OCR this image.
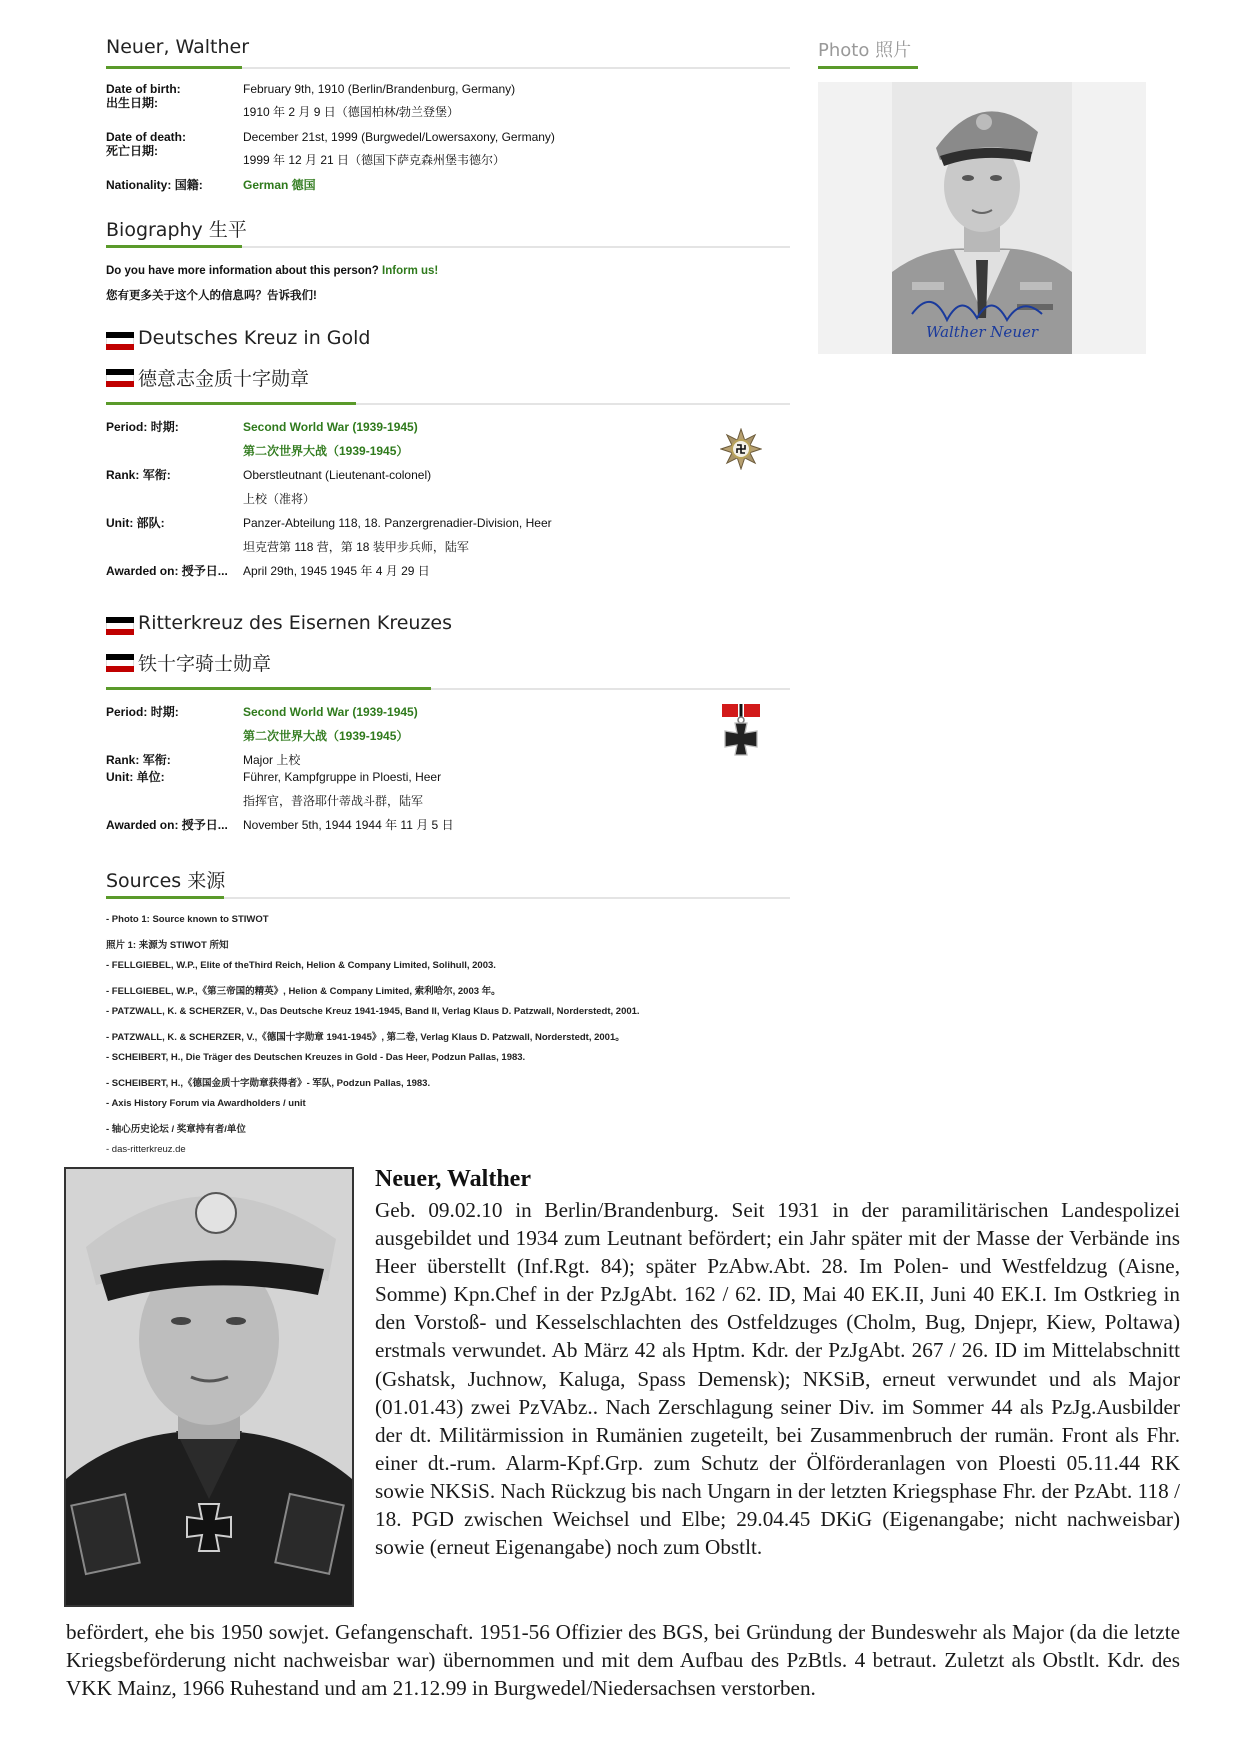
Neuer, Walther
Date of birth:
出生日期:
February 9th, 1910 (Berlin/Brandenburg, Germany)
1910 年 2 月 9 日（德国柏林/勃兰登堡）
Date of death:
死亡日期:
December 21st, 1999 (Burgwedel/Lowersaxony, Germany)
1999 年 12 月 21 日（德国下萨克森州堡韦德尔）
Nationality: 国籍:	German 德国
Biography 生平
Do you have more information about this person? Inform us!
您有更多关于这个人的信息吗？告诉我们!
Deutsches Kreuz in Gold
德意志金质十字勋章
Period: 时期:	Second World War (1939-1945)
第二次世界大战（1939-1945）
Rank: 军衔:	Oberstleutnant (Lieutenant-colonel)
上校（准将）
Unit: 部队:	Panzer-Abteilung 118, 18. Panzergrenadier-Division, Heer
坦克营第 118 营，第 18 装甲步兵师，陆军
Awarded on: 授予日... April 29th, 1945 1945 年 4 月 29 日
Ritterkreuz des Eisernen Kreuzes
铁十字骑士勋章
Period: 时期:	Second World War (1939-1945)
第二次世界大战（1939-1945）
Rank: 军衔:	Major 上校
Unit: 单位:	Führer, Kampfgruppe in Ploesti, Heer
指挥官，普洛耶什蒂战斗群，陆军
Awarded on: 授予日... November 5th, 1944 1944 年 11 月 5 日
Sources 来源
- Photo 1: Source known to STIWOT
照片 1: 来源为 STIWOT 所知
- FELLGIEBEL, W.P., Elite of theThird Reich, Helion & Company Limited, Solihull, 2003.
- FELLGIEBEL, W.P.,《第三帝国的精英》, Helion & Company Limited, 索利哈尔, 2003 年。
- PATZWALL, K. & SCHERZER, V., Das Deutsche Kreuz 1941-1945, Band II, Verlag Klaus D. Patzwall, Norderstedt, 2001.
- PATZWALL, K. & SCHERZER, V.,《德国十字勋章 1941-1945》, 第二卷, Verlag Klaus D. Patzwall, Norderstedt, 2001。
- SCHEIBERT, H., Die Träger des Deutschen Kreuzes in Gold - Das Heer, Podzun Pallas, 1983.
- SCHEIBERT, H.,《德国金质十字勋章获得者》- 军队, Podzun Pallas, 1983.
- Axis History Forum via Awardholders / unit
- 轴心历史论坛 / 奖章持有者/单位
- das-ritterkreuz.de
Photo 照片
Walther Neuer
Neuer, Walther

Geb. 09.02.10 in Berlin/Brandenburg. Seit 1931 in der paramilitärischen Landespolizei ausgebildet und 1934 zum Leutnant befördert; ein Jahr später mit der Masse der Verbände ins Heer überstellt (Inf.Rgt. 84); später PzAbw.Abt. 28. Im Polen- und Westfeldzug (Aisne, Somme) Kpn.Chef in der PzJgAbt. 162 / 62. ID, Mai 40 EK.II, Juni 40 EK.I. Im Ostkrieg in den Vorstoß- und Kesselschlachten des Ostfeldzuges (Cholm, Bug, Dnjepr, Kiew, Poltawa) erstmals verwundet. Ab März 42 als Hptm. Kdr. der PzJgAbt. 267 / 26. ID im Mittelabschnitt (Gshatsk, Juchnow, Kaluga, Spass Demensk); NKSiB, erneut verwundet und als Major (01.01.43) zwei PzVAbz.. Nach Zerschlagung seiner Div. im Sommer 44 als PzJg.Ausbilder der dt. Militärmission in Rumänien zugeteilt, bei Zusammenbruch der rumän. Front als Fhr. einer dt.-rum. Alarm-Kpf.Grp. zum Schutz der Ölförderanlagen von Ploesti 05.11.44 RK sowie NKSiS. Nach Rückzug bis nach Ungarn in der letzten Kriegsphase Fhr. der PzAbt. 118 / 18. PGD zwischen Weichsel und Elbe; 29.04.45 DKiG (Eigenangabe; nicht nachweisbar) sowie (erneut Eigenangabe) noch zum Obstlt.

befördert, ehe bis 1950 sowjet. Gefangenschaft. 1951-56 Offizier des BGS, bei Gründung der Bundeswehr als Major (da die letzte Kriegsbeförderung nicht nachweisbar war) übernommen und mit dem Aufbau des PzBtls. 4 betraut. Zuletzt als Obstlt. Kdr. des VKK Mainz, 1966 Ruhestand und am 21.12.99 in Burgwedel/Niedersachsen verstorben.
